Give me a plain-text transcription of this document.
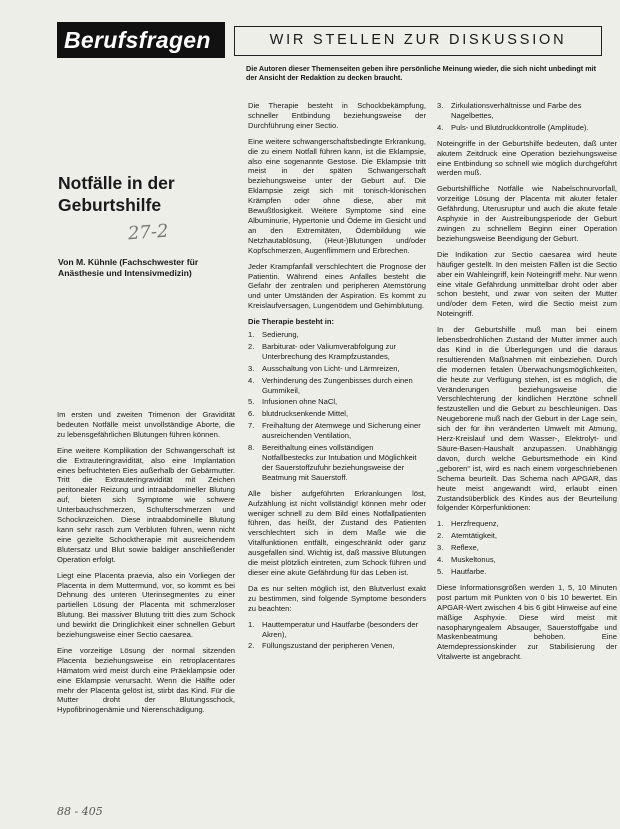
Berufsfragen	WIR STELLEN ZUR DISKUSSION
Die Autoren dieser Themenseiten geben ihre persönliche Meinung wieder, die sich nicht unbedingt mit der Ansicht der Redaktion zu decken braucht.
Notfälle in der Geburtshilfe
27-2
Von M. Kühnle (Fachschwester für Anästhesie und Intensivmedizin)

Im ersten und zweiten Trimenon der Gravidität bedeuten Notfälle meist unvollständige Aborte, die zu lebensgefährlichen Blutungen führen können.

Eine weitere Komplikation der Schwangerschaft ist die Extrauteringravidität, also eine Implantation eines befruchteten Eies außerhalb der Gebärmutter. Tritt die Extrauteringravidität mit Zeichen peritonealer Reizung und intraabdomineller Blutung auf, bieten sich Symptome wie schwere Unterbauchschmerzen, Schulterschmerzen und Schocknzeichen. Diese intraabdominelle Blutung kann sehr rasch zum Verbluten führen, wenn nicht eine gezielte Schocktherapie mit ausreichendem Blutersatz und Blut sowie baldiger anschließender Operation erfolgt.

Liegt eine Placenta praevia, also ein Vorliegen der Placenta in dem Muttermund, vor, so kommt es bei Dehnung des unteren Uterinsegmentes zu einer partiellen Lösung der Placenta mit schmerzloser Blutung. Bei massiver Blutung tritt dies zum Schock und bewirkt die Dringlichkeit einer schnellen Geburt beziehungsweise einer Sectio caesarea.

Eine vorzeitige Lösung der normal sitzenden Placenta beziehungsweise ein retroplacentares Hämatom wird meist durch eine Präeklampsie oder eine Eklampsie verursacht. Wenn die Hälfte oder mehr der Placenta gelöst ist, stirbt das Kind. Für die Mutter droht der Blutungsschock, Hypofibrinogenämie und Nierenschädigung.

Die Therapie besteht in Schockbekämpfung, schneller Entbindung beziehungsweise der Durchführung einer Sectio.

Eine weitere schwangerschaftsbedingte Erkrankung, die zu einem Notfall führen kann, ist die Eklampsie, also eine sogenannte Gestose. Die Eklampsie tritt meist in der späten Schwangerschaft beziehungsweise unter der Geburt auf. Die Eklampsie zeigt sich mit tonisch-klonischen Krämpfen oder ohne diese, aber mit Bewußtlosigkeit. Weitere Symptome sind eine Albuminurie, Hypertonie und Ödeme im Gesicht und an den Extremitäten, Ödembildung wie Netzhautablösung, (Heut-)Blutungen und/oder Kopfschmerzen, Augenflimmern und Erbrechen.

Jeder Krampfanfall verschlechtert die Prognose der Patientin. Während eines Anfalles besteht die Gefahr der zentralen und peripheren Atemstörung und unter Umständen der Aspiration. Es kommt zu Kreislaufversagen, Lungenödem und Gehirnblutung.

Die Therapie besteht in:
1.	Sedierung,
2.	Barbiturat- oder Valiumverabfolgung zur Unterbrechung des Krampfzustandes,
3.	Ausschaltung von Licht- und Lärmreizen,
4.	Verhinderung des Zungenbisses durch einen Gummikeil,
5.	Infusionen ohne NaCl,
6.	blutdrucksenkende Mittel,
7.	Freihaltung der Atemwege und Sicherung einer ausreichenden Ventilation,
8.	Bereithaltung eines vollständigen Notfallbestecks zur Intubation und Möglichkeit der Sauerstoffzufuhr beziehungsweise der Beatmung mit Sauerstoff.

Alle bisher aufgeführten Erkrankungen löst, Aufzählung ist nicht vollständig! können mehr oder weniger schnell zu dem Bild eines Notfallpatienten führen, das heißt, der Zustand des Patienten verschlechtert sich in dem Maße wie die Vitalfunktionen entfällt, eingeschränkt oder ganz ausgefallen sind. Wichtig ist, daß massive Blutungen die meist plötzlich eintreten, zum Schock führen und dieser eine akute Gefährdung für das Leben ist.

Da es nur selten möglich ist, den Blutverlust exakt zu bestimmen, sind folgende Symptome besonders zu beachten:

1.	Hauttemperatur und Hautfarbe (besonders der Akren),
2.	Füllungszustand der peripheren Venen,
3.	Zirkulationsverhältnisse und Farbe des Nagelbettes,
4.	Puls- und Blutdruckkontrolle (Amplitude).

Noteingriffe in der Geburtshilfe bedeuten, daß unter akutem Zeitdruck eine Operation beziehungsweise eine Entbindung so schnell wie möglich durchgeführt werden muß.

Geburtshilfliche Notfälle wie Nabelschnurvorfall, vorzeitige Lösung der Placenta mit akuter fetaler Gefährdung, Uterusruptur und auch die akute fetale Asphyxie in der Austreibungsperiode der Geburt zwingen zu schnellem Beginn einer Operation beziehungsweise Beendigung der Geburt.

Die Indikation zur Sectio caesarea wird heute häufiger gestellt. In den meisten Fällen ist die Sectio aber ein Wahleingriff, kein Noteingriff mehr. Nur wenn eine vitale Gefährdung unmittelbar droht oder aber schon besteht, und zwar von seiten der Mutter und/oder dem Feten, wird die Sectio meist zum Noteingriff.

In der Geburtshilfe muß man bei einem lebensbedrohlichen Zustand der Mutter immer auch das Kind in die Überlegungen und die daraus resultierenden Maßnahmen mit einbeziehen. Durch die modernen fetalen Überwachungsmöglichkeiten, die heute zur Verfügung stehen, ist es möglich, die Veränderungen beziehungsweise die Verschlechterung der kindlichen Herztöne schnell festzustellen und die Geburt zu beschleunigen. Das Neugeborene muß nach der Geburt in der Lage sein, sich der für ihn veränderten Umwelt mit Atmung, Herz-Kreislauf und dem Wasser-, Elektrolyt- und Säure-Basen-Haushalt anzupassen. Unabhängig davon, durch welche Geburtsmethode ein Kind „geboren“ ist, wird es nach einem vorgeschriebenen Schema beurteilt. Das Schema nach APGAR, das heute meist angewandt wird, erlaubt einen Zustandsüberblick des Kindes aus der Beurteilung folgender Körperfunktionen:

1.	Herzfrequenz,
2.	Atemtätigkeit,
3.	Reflexe,
4.	Muskeltonus,
5.	Hautfarbe.

Diese Informationsgrößen werden 1, 5, 10 Minuten post partum mit Punkten von 0 bis 10 bewertet. Ein APGAR-Wert zwischen 4 bis 6 gibt Hinweise auf eine mäßige Asphyxie. Diese wird meist mit nasopharyngealem Absauger, Sauerstoffgabe und Maskenbeatmung behoben. Eine Atemdepressionskinder zur Stabilisierung der Vitalwerte ist angebracht.

88 - 405
